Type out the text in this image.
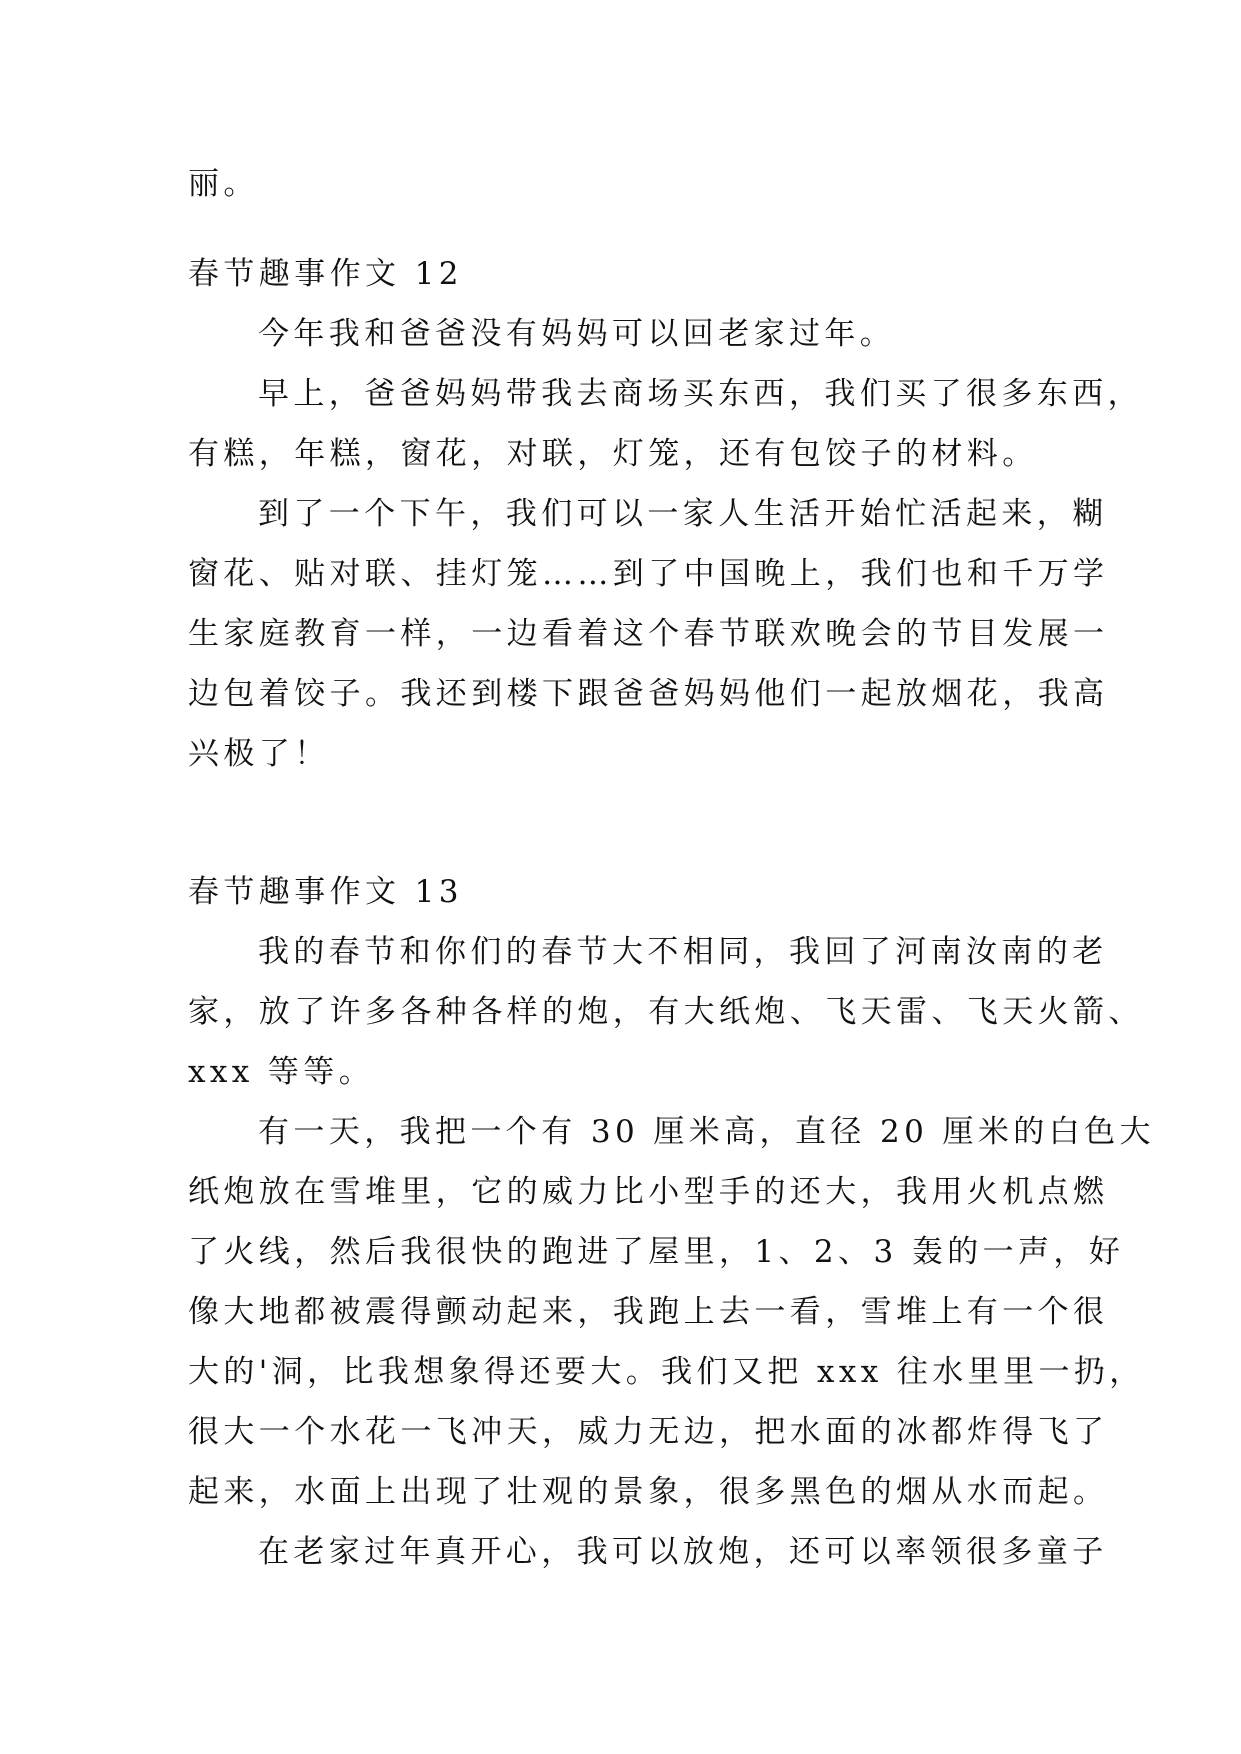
丽。
春节趣事作文 12
今年我和爸爸没有妈妈可以回老家过年。
早上，爸爸妈妈带我去商场买东西，我们买了很多东西，
有糕，年糕，窗花，对联，灯笼，还有包饺子的材料。
到了一个下午，我们可以一家人生活开始忙活起来，糊
窗花、贴对联、挂灯笼……到了中国晚上，我们也和千万学
生家庭教育一样，一边看着这个春节联欢晚会的节目发展一
边包着饺子。我还到楼下跟爸爸妈妈他们一起放烟花，我高
兴极了！
春节趣事作文 13
我的春节和你们的春节大不相同，我回了河南汝南的老
家，放了许多各种各样的炮，有大纸炮、飞天雷、飞天火箭、
xxx 等等。
有一天，我把一个有 30 厘米高，直径 20 厘米的白色大
纸炮放在雪堆里，它的威力比小型手的还大，我用火机点燃
了火线，然后我很快的跑进了屋里，1、2、3 轰的一声，好
像大地都被震得颤动起来，我跑上去一看，雪堆上有一个很
大的'洞，比我想象得还要大。我们又把 xxx 往水里里一扔，
很大一个水花一飞冲天，威力无边，把水面的冰都炸得飞了
起来，水面上出现了壮观的景象，很多黑色的烟从水而起。
在老家过年真开心，我可以放炮，还可以率领很多童子
